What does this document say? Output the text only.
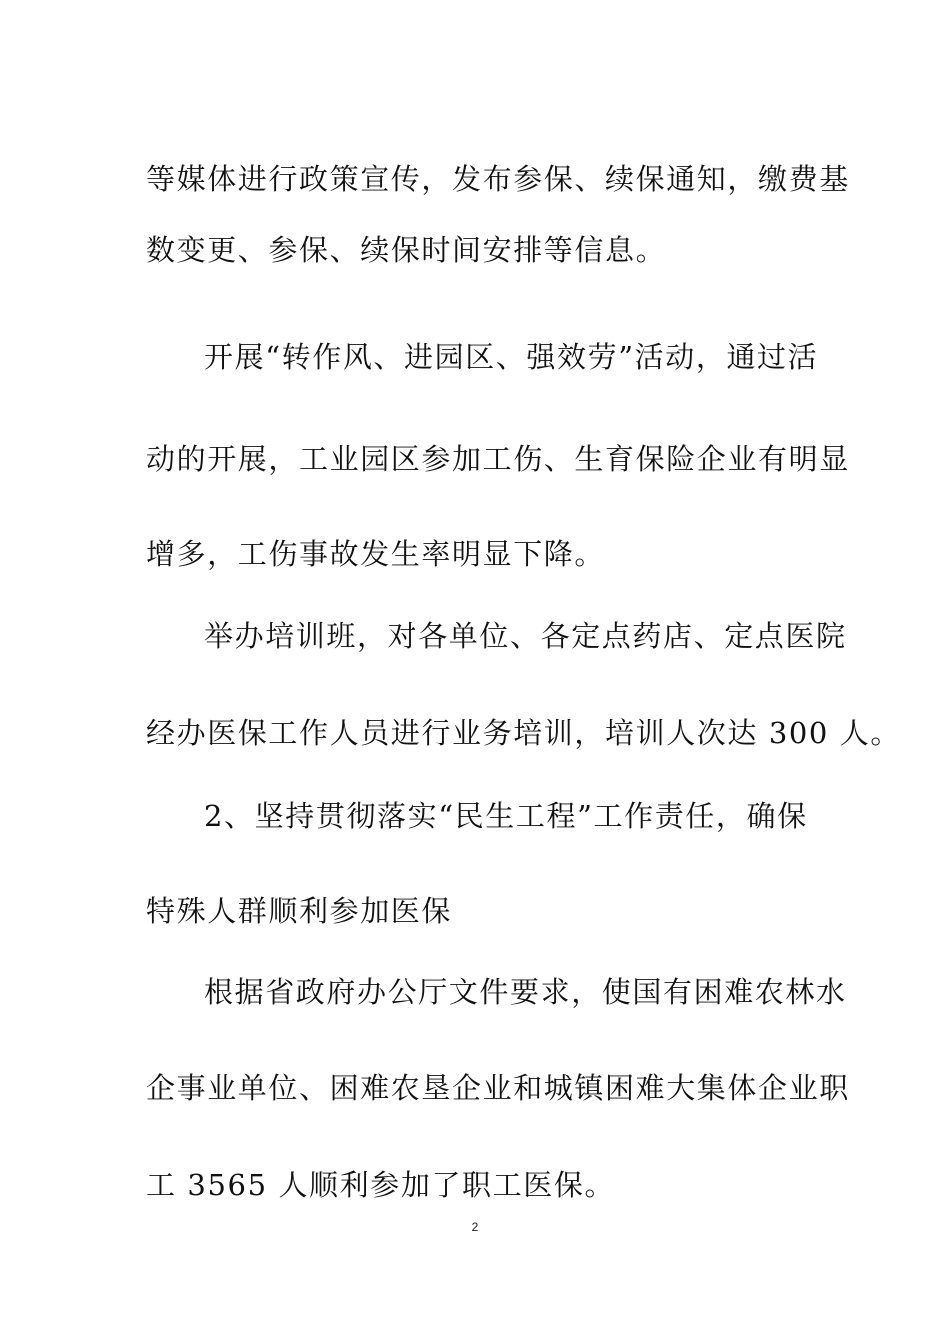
等媒体进行政策宣传，发布参保、续保通知，缴费基

数变更、参保、续保时间安排等信息。

开展“转作风、进园区、强效劳”活动，通过活

动的开展，工业园区参加工伤、生育保险企业有明显

增多，工伤事故发生率明显下降。

举办培训班，对各单位、各定点药店、定点医院

经办医保工作人员进行业务培训，培训人次达 300 人。

2、坚持贯彻落实“民生工程”工作责任，确保

特殊人群顺利参加医保

根据省政府办公厅文件要求，使国有困难农林水

企事业单位、困难农垦企业和城镇困难大集体企业职

工 3565 人顺利参加了职工医保。

2
